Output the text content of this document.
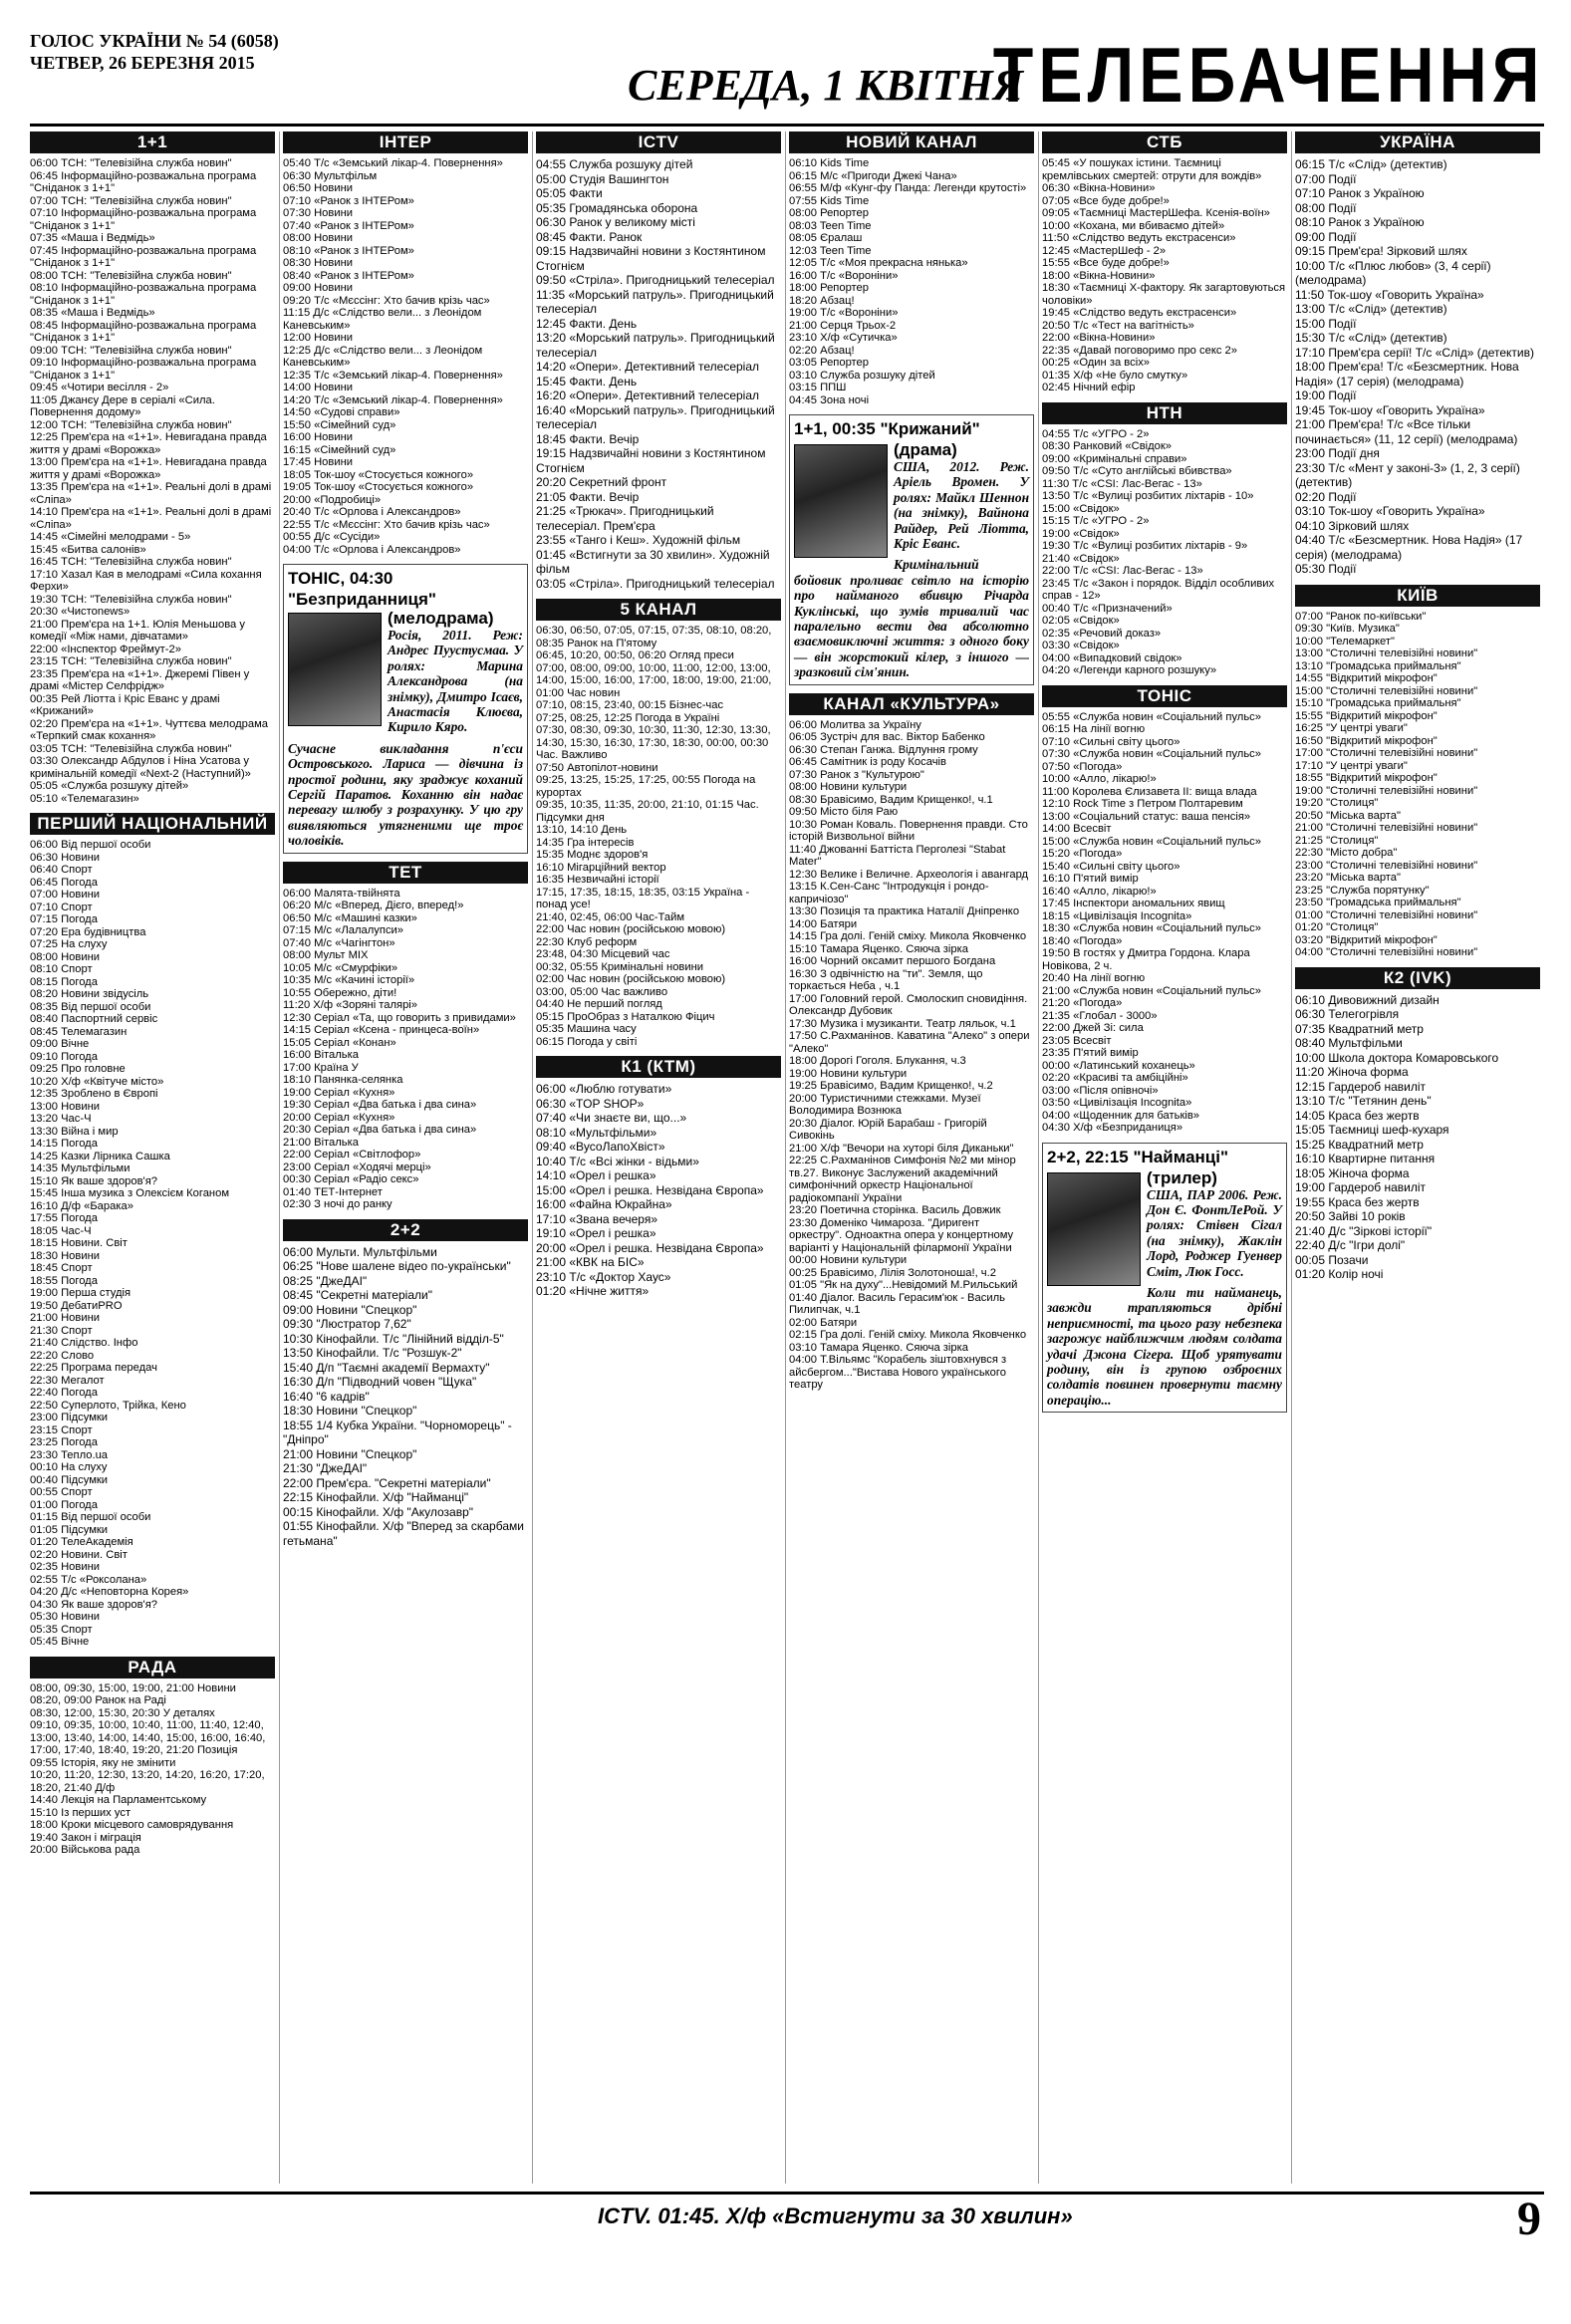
ГОЛОС УКРАЇНИ № 54 (6058)
ЧЕТВЕР, 26 БЕРЕЗНЯ 2015	СЕРЕДА, 1 КВІТНЯ
ТЕЛЕБАЧЕННЯ
1+1
06:00 ТСН: "Телевізійна служба новин"
06:45 Інформаційно-розважальна програма "Сніданок з 1+1"
07:00 ТСН: "Телевізійна служба новин"
07:10 Інформаційно-розважальна програма "Сніданок з 1+1"
07:35 «Маша і Ведмідь»
07:45 Інформаційно-розважальна програма "Сніданок з 1+1"
08:00 ТСН: "Телевізійна служба новин"
08:10 Інформаційно-розважальна програма "Сніданок з 1+1"
08:35 «Маша і Ведмідь»
08:45 Інформаційно-розважальна програма "Сніданок з 1+1"
09:00 ТСН: "Телевізійна служба новин"
09:10 Інформаційно-розважальна програма "Сніданок з 1+1"
09:45 «Чотири весілля - 2»
11:05 Джанєу Дере в серіалі «Сила. Повернення додому»
12:00 ТСН: "Телевізійна служба новин"
12:25 Прем'єра на «1+1». Невигадана правда життя у драмі «Ворожка»
13:00 Прем'єра на «1+1». Невигадана правда життя у драмі «Ворожка»
13:35 Прем'єра на «1+1». Реальні долі в драмі «Сліпа»
14:10 Прем'єра на «1+1». Реальні долі в драмі «Сліпа»
14:45 «Сімейні мелодрами - 5»
15:45 «Битва салонів»
16:45 ТСН: "Телевізійна служба новин"
17:10 Хазал Кая в мелодрамі «Сила кохання Ферхи»
19:30 ТСН: "Телевізійна служба новин"
20:30 «Чистоnews»
21:00 Прем'єра на 1+1. Юлія Меньшова у комедії «Між нами, дівчатами»
22:00 «Інспектор Фреймут-2»
23:15 ТСН: "Телевізійна служба новин"
23:35 Прем'єра на «1+1». Джеремі Півен у драмі «Містер Селфрідж»
00:35 Рей Ліотта і Кріс Еванс у драмі «Крижаний»
02:20 Прем'єра на «1+1». Чуттєва мелодрама «Терпкий смак кохання»
03:05 ТСН: "Телевізійна служба новин"
03:30 Олександр Абдулов і Ніна Усатова у кримінальній комедії «Next-2 (Наступний)»
05:05 «Служба розшуку дітей»
05:10 «Телемагазин»
ПЕРШИЙ НАЦІОНАЛЬНИЙ
06:00 Від першої особи
06:30 Новини
06:40 Спорт
06:45 Погода
07:00 Новини
07:10 Спорт
07:15 Погода
07:20 Ера будівництва
07:25 На слуху
08:00 Новини
08:10 Спорт
08:15 Погода
08:20 Новини звідусіль
08:35 Від першої особи
08:40 Паспортний сервіс
08:45 Телемагазин
09:00 Вічне
09:10 Погода
09:25 Про головне
10:20 Х/ф «Квітуче місто»
12:35 Зроблено в Європі
13:00 Новини
13:20 Час-Ч
13:30 Війна і мир
14:15 Погода
14:25 Казки Лірника Сашка
14:35 Мультфільми
15:10 Як ваше здоров'я?
15:45 Інша музика з Олексієм Коганом
16:10 Д/ф «Барака»
17:55 Погода
18:05 Час-Ч
18:15 Новини. Світ
18:30 Новини
18:45 Спорт
18:55 Погода
19:00 Перша студія
19:50 ДебатиPRO
21:00 Новини
21:30 Спорт
21:40 Слідство. Інфо
22:20 Слово
22:25 Програма передач
22:30 Мегалот
22:40 Погода
22:50 Суперлото, Трійка, Кено
23:00 Підсумки
23:15 Спорт
23:25 Погода
23:30 Тепло.ua
00:10 На слуху
00:40 Підсумки
00:55 Спорт
01:00 Погода
01:15 Від першої особи
01:05 Підсумки
01:20 ТелеАкадемія
02:20 Новини. Світ
02:35 Новини
02:55 Т/с «Роксолана»
04:20 Д/с «Неповторна Корея»
04:30 Як ваше здоров'я?
05:30 Новини
05:35 Спорт
05:45 Вічне
РАДА
08:00, 09:30, 15:00, 19:00, 21:00 Новини
08:20, 09:00 Ранок на Раді
08:30, 12:00, 15:30, 20:30 У деталях
09:10, 09:35, 10:00, 10:40, 11:00, 11:40, 12:40, 13:00, 13:40, 14:00, 14:40, 15:00, 16:00, 16:40, 17:00, 17:40, 18:40, 19:20, 21:20 Позиція
09:55 Історія, яку не змінити
10:20, 11:20, 12:30, 13:20, 14:20, 16:20, 17:20, 18:20, 21:40 Д/ф
14:40 Лекція на Парламентському
15:10 Із перших уст
18:00 Кроки місцевого самоврядування
19:40 Закон і міграція
20:00 Військова рада
ІНТЕР
05:40 Т/с «Земський лікар-4. Повернення»
06:30 Мультфільм
06:50 Новини
07:10 «Ранок з ІНТЕРом»
07:30 Новини
07:40 «Ранок з ІНТЕРом»
08:00 Новини
08:10 «Ранок з ІНТЕРом»
08:30 Новини
08:40 «Ранок з ІНТЕРом»
09:00 Новини
09:20 Т/с «Мєссінг: Хто бачив крізь час»
11:15 Д/с «Слідство вели... з Леонідом Каневським»
12:00 Новини
12:25 Д/с «Слідство вели... з Леонідом Каневським»
12:35 Т/с «Земський лікар-4. Повернення»
14:00 Новини
14:20 Т/с «Земський лікар-4. Повернення»
14:50 «Судові справи»
15:50 «Сімейний суд»
16:00 Новини
16:15 «Сімейний суд»
17:45 Новини
18:05 Ток-шоу «Стосується кожного»
19:05 Ток-шоу «Стосується кожного»
20:00 «Подробиці»
20:40 Т/с «Орлова і Александров»
22:55 Т/с «Мєссінг: Хто бачив крізь час»
00:55 Д/с «Сусіди»
04:00 Т/с «Орлова і Александров»
ТОНІС, 04:30
"Безприданниця"
(мелодрама)
Росія, 2011. Реж: Андрес Пуустусмаа. У ролях: Марина Александрова (на знімку), Дмитро Ісаєв, Анастасія Клюєва, Кирило Кяро.
Сучасне викладання п'єси Островського. Лариса — дівчина із простої родини, яку зраджує коханий Сергій Паратов. Коханню він надає перевагу шлюбу з розрахунку. У цю гру виявляються утягненими ще троє чоловіків.
ТЕТ
06:00 Малята-твійнята
06:20 М/с «Вперед, Дієго, вперед!»
06:50 М/с «Машині казки»
07:15 М/с «Лалалупси»
07:40 М/с «Чагінгтон»
08:00 Мульт MIX
10:05 М/с «Смурфіки»
10:35 М/с «Качині історії»
10:55 Обережно, діти!
11:20 Х/ф «Зоряні талярі»
12:30 Серіал «Та, що говорить з привидами»
14:15 Серіал «Ксена - принцеса-воїн»
15:05 Серіал «Конан»
16:00 Віталька
17:00 Країна У
18:10 Панянка-селянка
19:00 Серіал «Кухня»
19:30 Серіал «Два батька і два сина»
20:00 Серіал «Кухня»
20:30 Серіал «Два батька і два сина»
21:00 Віталька
22:00 Серіал «Світлофор»
23:00 Серіал «Ходячі мерці»
00:30 Серіал «Радіо секс»
01:40 ТЕТ-Інтернет
02:30 З ночі до ранку
2+2
06:00 Мульти. Мультфільми
06:25 "Нове шалене відео по-українськи"
08:25 "ДжеДАІ"
08:45 "Секретні матеріали"
09:00 Новини "Спецкор"
09:30 "Люстратор 7,62"
10:30 Кінофайли. Т/с "Лінійний відділ-5"
13:50 Кінофайли. Т/с "Розшук-2"
15:40 Д/п "Таємні академії Вермахту"
16:30 Д/п "Підводний човен "Щука"
16:40 "6 кадрів"
18:30 Новини "Спецкор"
18:55 1/4 Кубка України. "Чорноморець" - "Дніпро"
21:00 Новини "Спецкор"
21:30 "ДжеДАІ"
22:00 Прем'єра. "Секретні матеріали"
22:15 Кінофайли. Х/ф "Найманці"
00:15 Кінофайли. Х/ф "Акулозавр"
01:55 Кінофайли. Х/ф "Вперед за скарбами гетьмана"
ICTV
04:55 Служба розшуку дітей
05:00 Студія Вашингтон
05:05 Факти
05:35 Громадянська оборона
06:30 Ранок у великому місті
08:45 Факти. Ранок
09:15 Надзвичайні новини з Костянтином Стогнієм
09:50 «Стріла». Пригодницький телесеріал
11:35 «Морський патруль». Пригодницький телесеріал
12:45 Факти. День
13:20 «Морський патруль». Пригодницький телесеріал
14:20 «Опери». Детективний телесеріал
15:45 Факти. День
16:20 «Опери». Детективний телесеріал
16:40 «Морський патруль». Пригодницький телесеріал
18:45 Факти. Вечір
19:15 Надзвичайні новини з Костянтином Стогнієм
20:20 Секретний фронт
21:05 Факти. Вечір
21:25 «Трюкач». Пригодницький телесеріал. Прем'єра
23:55 «Танго і Кеш». Художній фільм
01:45 «Встигнути за 30 хвилин». Художній фільм
03:05 «Стріла». Пригодницький телесеріал
5 КАНАЛ
06:30, 06:50, 07:05, 07:15, 07:35, 08:10, 08:20, 08:35 Ранок на П'ятому
06:45, 10:20, 00:50, 06:20 Огляд преси
07:00, 08:00, 09:00, 10:00, 11:00, 12:00, 13:00, 14:00, 15:00, 16:00, 17:00, 18:00, 19:00, 21:00, 01:00 Час новин
07:10, 08:15, 23:40, 00:15 Бізнес-час
07:25, 08:25, 12:25 Погода в Україні
07:30, 08:30, 09:30, 10:30, 11:30, 12:30, 13:30, 14:30, 15:30, 16:30, 17:30, 18:30, 00:00, 00:30 Час. Важливо
07:50 Автопілот-новини
09:25, 13:25, 15:25, 17:25, 00:55 Погода на курортах
09:35, 10:35, 11:35, 20:00, 21:10, 01:15 Час. Підсумки дня
13:10, 14:10 День
14:35 Гра інтересів
15:35 Моднє здоров'я
16:10 Мігарційний вектор
16:35 Незвичайні історії
17:15, 17:35, 18:15, 18:35, 03:15 Україна - понад усе!
21:40, 02:45, 06:00 Час-Тайм
22:00 Час новин (російською мовою)
22:30 Клуб реформ
23:48, 04:30 Місцевий час
00:32, 05:55 Кримінальні новини
02:00 Час новин (російською мовою)
03:00, 05:00 Час важливо
04:40 Не перший погляд
05:15 ПроОбраз з Наталкою Фіцич
05:35 Машина часу
06:15 Погода у світі
К1 (КТМ)
06:00 «Люблю готувати»
06:30 «TOP SHOP»
07:40 «Чи знаєте ви, що...»
08:10 «Мультфільми»
09:40 «ВусоЛапоХвіст»
10:40 Т/с «Всі жінки - відьми»
14:10 «Орел і решка»
15:00 «Орел і решка. Незвідана Європа»
16:00 «Файна Юкрайна»
17:10 «Звана вечеря»
19:10 «Орел і решка»
20:00 «Орел і решка. Незвідана Європа»
21:00 «КВК на БІС»
23:10 Т/с «Доктор Хаус»
01:20 «Нічне життя»
НОВИЙ КАНАЛ
06:10 Kids Time
06:15 М/с «Пригоди Джекі Чана»
06:55 М/ф «Кунг-фу Панда: Легенди крутості»
07:55 Kids Time
08:00 Репортер
08:03 Teen Time
08:05 Єралаш
12:03 Teen Time
12:05 Т/с «Моя прекрасна нянька»
16:00 Т/с «Вороніни»
18:00 Репортер
18:20 Абзац!
19:00 Т/с «Вороніни»
21:00 Серця Трьох-2
23:10 Х/ф «Сутичка»
02:20 Абзац!
03:05 Репортер
03:10 Служба розшуку дітей
03:15 ППШ
04:45 Зона ночі
1+1, 00:35 "Крижаний"
(драма)
США, 2012. Реж. Аріель Вромен. У ролях: Майкл Шеннон (на знімку), Вайнона Райдер, Рей Ліотта, Кріс Еванс.
Кримінальний бойовик проливає світло на історію про найманого вбивцю Річарда Куклінські, що зумів тривалий час паралельно вести два абсолютно взаємовиключні життя: з одного боку — він жорстокий кілер, з іншого — зразковий сім'янин.
КАНАЛ «КУЛЬТУРА»
06:00 Молитва за Україну
06:05 Зустріч для вас. Віктор Бабенко
06:30 Степан Ганжа. Відлуння грому
06:45 Самітник із роду Косачів
07:30 Ранок з "Культурою"
08:00 Новини культури
08:30 Бравісимо, Вадим Крищенко!, ч.1
09:50 Місто біля Раю
10:30 Роман Коваль. Повернення правди. Сто історій Визвольної війни
11:40 Джованні Баттіста Перголезі "Stabat Mater"
12:30 Велике і Величне. Археологія і авангард
13:15 К.Сен-Санс "Інтродукція і рондо-капричіозо"
13:30 Позиція та практика Наталії Дніпренко
14:00 Батяри
14:15 Гра долі. Геній сміху. Микола Яковченко
15:10 Тамара Яценко. Сяюча зірка
16:00 Чорний оксамит першого Богдана
16:30 З одвічністю на "ти". Земля, що торкається Неба , ч.1
17:00 Головний герой. Смолоскип сновидіння. Олександр Дубовик
17:30 Музика і музиканти. Театр ляльок, ч.1
17:50 С.Рахманінов. Каватина "Алеко" з опери "Алеко"
18:00 Дорогі Гоголя. Блукання, ч.3
19:00 Новини культури
19:25 Бравісимо, Вадим Крищенко!, ч.2
20:00 Туристичними стежками. Музеї Володимира Вознюка
20:30 Діалог. Юрій Барабаш - Григорій Сивокінь
21:00 Х/ф "Вечори на хуторі біля Диканьки"
22:25 С.Рахманінов Симфонія №2 ми мінор тв.27. Виконує Заслужений академічний симфонічний оркестр Національної радіокомпанії України
23:20 Поетична сторінка. Василь Довжик
23:30 Доменіко Чимароза. "Диригент оркестру". Одноактна опера у концертному варіанті у Національній філармонії України
00:00 Новини культури
00:25 Бравісимо, Лілія Золотоноша!, ч.2
01:05 "Як на духу"...Невідомий М.Рильський
01:40 Діалог. Василь Герасим'юк - Василь Пилипчак, ч.1
02:00 Батяри
02:15 Гра долі. Геній сміху. Микола Яковченко
03:10 Тамара Яценко. Сяюча зірка
04:00 Т.Вільямс "Корабель зіштовхнувся з айсбергом..."Вистава Нового українського театру
СТБ
05:45 «У пошуках істини. Таємниці кремлівських смертей: отрути для вождів»
06:30 «Вікна-Новини»
07:05 «Все буде добре!»
09:05 «Таємниці МастерШефа. Ксенія-воїн»
10:00 «Кохана, ми вбиваємо дітей»
11:50 «Слідство ведуть екстрасенси»
12:45 «МастерШеф - 2»
15:55 «Все буде добре!»
18:00 «Вікна-Новини»
18:30 «Таємниці Х-фактору. Як загартовуються чоловіки»
19:45 «Слідство ведуть екстрасенси»
20:50 Т/с «Тест на вагітність»
22:00 «Вікна-Новини»
22:35 «Давай поговоримо про секс 2»
00:25 «Один за всіх»
01:35 Х/ф «Не було смутку»
02:45 Нічний ефір
НТН
04:55 Т/с «УГРО - 2»
08:30 Ранковий «Свідок»
09:00 «Кримінальні справи»
09:50 Т/с «Суто англійські вбивства»
11:30 Т/с «CSI: Лас-Вегас - 13»
13:50 Т/с «Вулиці розбитих ліхтарів - 10»
15:00 «Свідок»
15:15 Т/с «УГРО - 2»
19:00 «Свідок»
19:30 Т/с «Вулиці розбитих ліхтарів - 9»
21:40 «Свідок»
22:00 Т/с «CSI: Лас-Вегас - 13»
23:45 Т/с «Закон і порядок. Відділ особливих справ - 12»
00:40 Т/с «Призначений»
02:05 «Свідок»
02:35 «Речовий доказ»
03:30 «Свідок»
04:00 «Випадковий свідок»
04:20 «Легенди карного розшуку»
ТОНІС
05:55 «Служба новин «Соціальний пульс»
06:15 На лінії вогню
07:10 «Сильні світу цього»
07:30 «Служба новин «Соціальний пульс»
07:50 «Погода»
10:00 «Алло, лікарю!»
11:00 Королева Єлизавета II: вища влада
12:10 Rock Time з Петром Полтаревим
13:00 «Соціальний статус: ваша пенсія»
14:00 Всесвіт
15:00 «Служба новин «Соціальний пульс»
15:20 «Погода»
15:40 «Сильні світу цього»
16:10 П'ятий вимір
16:40 «Алло, лікарю!»
17:45 Інспектори аномальних явищ
18:15 «Цивілізація Incognita»
18:30 «Служба новин «Соціальний пульс»
18:40 «Погода»
19:50 В гостях у Дмитра Гордона. Клара Новікова, 2 ч.
20:40 На лінії вогню
21:00 «Служба новин «Соціальний пульс»
21:20 «Погода»
21:35 «Глобал - 3000»
22:00 Джей Зі: сила
23:05 Всесвіт
23:35 П'ятий вимір
00:00 «Латинський коханець»
02:20 «Красиві та амбіційні»
03:00 «Після опівночі»
03:50 «Цивілізація Incognita»
04:00 «Щоденник для батьків»
04:30 Х/ф «Безприданиця»
2+2, 22:15 "Найманці"
(трилер)
США, ПАР 2006. Реж. Дон Є. ФонтЛеРой. У ролях: Стівен Сігал (на знімку), Жаклін Лорд, Роджер Гуенвер Сміт, Люк Госс.
Коли ти найманець, завжди трапляються дрібні неприємності, та цього разу небезпека загрожує найближчим людям солдата удачі Джона Сігера. Щоб урятувати родину, він із групою озброєних солдатів повинен провернути таємну операцію...
УКРАЇНА
06:15 Т/с «Слід» (детектив)
07:00 Події
07:10 Ранок з Україною
08:00 Події
08:10 Ранок з Україною
09:00 Події
09:15 Прем'єра! Зірковий шлях
10:00 Т/с «Плюс любов» (3, 4 серії) (мелодрама)
11:50 Ток-шоу «Говорить Україна»
13:00 Т/с «Слід» (детектив)
15:00 Події
15:30 Т/с «Слід» (детектив)
17:10 Прем'єра серії! Т/с «Слід» (детектив)
18:00 Прем'єра! Т/с «Безсмертник. Нова Надія» (17 серія) (мелодрама)
19:00 Події
19:45 Ток-шоу «Говорить Україна»
21:00 Прем'єра! Т/с «Все тільки починається» (11, 12 серії) (мелодрама)
23:00 Події дня
23:30 Т/с «Мент у законі-3» (1, 2, 3 серії) (детектив)
02:20 Події
03:10 Ток-шоу «Говорить Україна»
04:10 Зірковий шлях
04:40 Т/с «Безсмертник. Нова Надія» (17 серія) (мелодрама)
05:30 Події
КИЇВ
07:00 "Ранок по-київськи"
09:30 "Київ. Музика"
10:00 "Телемаркет"
13:00 "Столичні телевізійні новини"
13:10 "Громадська приймальня"
14:55 "Відкритий мікрофон"
15:00 "Столичні телевізійні новини"
15:10 "Громадська приймальня"
15:55 "Відкритий мікрофон"
16:25 "У центрі уваги"
16:50 "Відкритий мікрофон"
17:00 "Столичні телевізійні новини"
17:10 "У центрі уваги"
18:55 "Відкритий мікрофон"
19:00 "Столичні телевізійні новини"
19:20 "Столиця"
20:50 "Міська варта"
21:00 "Столичні телевізійні новини"
21:25 "Столиця"
22:30 "Місто добра"
23:00 "Столичні телевізійні новини"
23:20 "Міська варта"
23:25 "Служба порятунку"
23:50 "Громадська приймальня"
01:00 "Столичні телевізійні новини"
01:20 "Столиця"
03:20 "Відкритий мікрофон"
04:00 "Столичні телевізійні новини"
К2 (IVK)
06:10 Дивовижний дизайн
06:30 Телегогрівля
07:35 Квадратний метр
08:40 Мультфільми
10:00 Школа доктора Комаровського
11:20 Жіноча форма
12:15 Гардероб навиліт
13:10 Т/с "Тетянин день"
14:05 Краса без жертв
15:05 Таємниці шеф-кухаря
15:25 Квадратний метр
16:10 Квартирне питання
18:05 Жіноча форма
19:00 Гардероб навиліт
19:55 Краса без жертв
20:50 Зайві 10 років
21:40 Д/с "Зіркові історії"
22:40 Д/с "Ігри долі"
00:05 Позачи
01:20 Колір ночі
ICTV. 01:45. Х/ф «Встигнути за 30 хвилин»	9
